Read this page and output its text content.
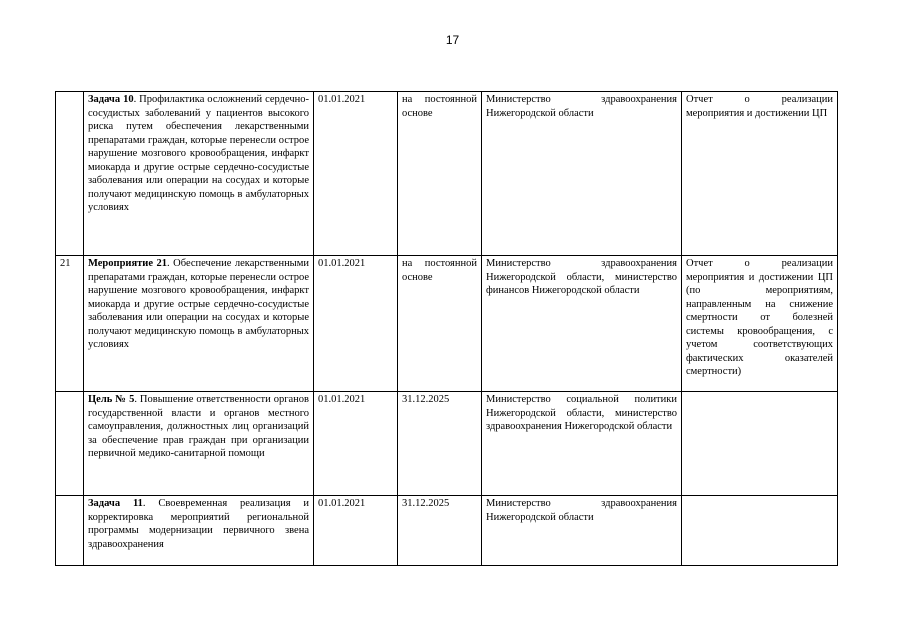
17
	Задача 10. Профилактика осложнений сердечно-сосудистых заболеваний у пациентов высокого риска путем обеспечения лекарственными препаратами граждан, которые перенесли острое нарушение мозгового кровообращения, инфаркт миокарда и другие острые сердечно-сосудистые заболевания или операции на сосудах и которые получают медицинскую помощь в амбулаторных условиях	01.01.2021	на постоянной основе	Министерство здравоохранения Нижегородской области	Отчет о реализации мероприятия и достижении ЦП
21	Мероприятие 21. Обеспечение лекарственными препаратами граждан, которые перенесли острое нарушение мозгового кровообращения, инфаркт миокарда и другие острые сердечно-сосудистые заболевания или операции на сосудах и которые получают медицинскую помощь в амбулаторных условиях	01.01.2021	на постоянной основе	Министерство здравоохранения Нижегородской области, министерство финансов Нижегородской области	Отчет о реализации мероприятия и достижении ЦП (по мероприятиям, направленным на снижение смертности от болезней системы кровообращения, с учетом соответствующих фактических оказателей смертности)
	Цель № 5. Повышение ответственности органов государственной власти и органов местного самоуправления, должностных лиц организаций за обеспечение прав граждан при организации первичной медико-санитарной помощи	01.01.2021	31.12.2025	Министерство социальной политики Нижегородской области, министерство здравоохранения Нижегородской области	
	Задача 11. Своевременная реализация и корректировка мероприятий региональной программы модернизации первичного звена здравоохранения	01.01.2021	31.12.2025	Министерство здравоохранения Нижегородской области	
